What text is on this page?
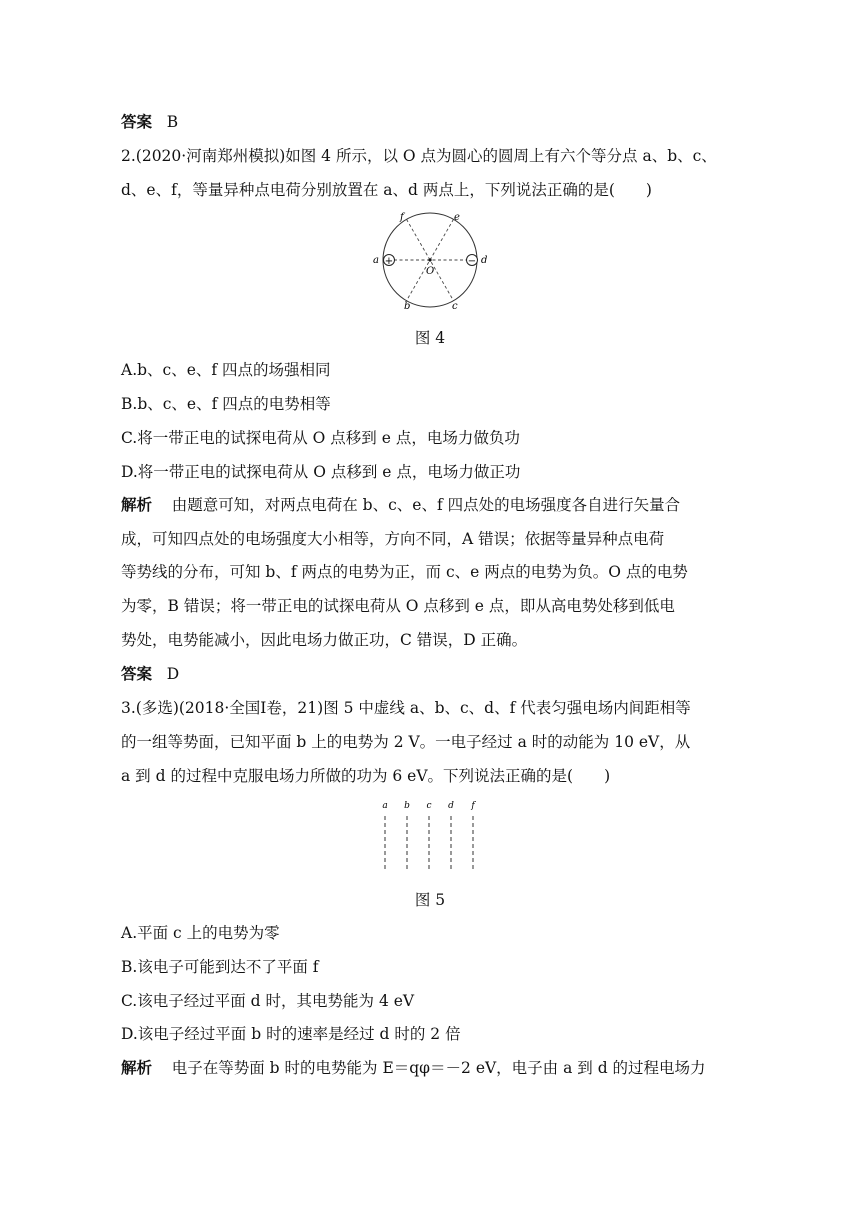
答案 B
2.(2020·河南郑州模拟)如图 4 所示，以 O 点为圆心的圆周上有六个等分点 a、b、c、
d、e、f，等量异种点电荷分别放置在 a、d 两点上，下列说法正确的是(　　)
+	−
a	d
f	e
b	c
O
图 4
A.b、c、e、f 四点的场强相同
B.b、c、e、f 四点的电势相等
C.将一带正电的试探电荷从 O 点移到 e 点，电场力做负功
D.将一带正电的试探电荷从 O 点移到 e 点，电场力做正功
解析 由题意可知，对两点电荷在 b、c、e、f 四点处的电场强度各自进行矢量合
成，可知四点处的电场强度大小相等，方向不同，A 错误；依据等量异种点电荷
等势线的分布，可知 b、f 两点的电势为正，而 c、e 两点的电势为负。O 点的电势
为零，B 错误；将一带正电的试探电荷从 O 点移到 e 点，即从高电势处移到低电
势处，电势能减小，因此电场力做正功，C 错误，D 正确。
答案 D
3.(多选)(2018·全国Ⅰ卷，21)图 5 中虚线 a、b、c、d、f 代表匀强电场内间距相等
的一组等势面，已知平面 b 上的电势为 2 V。一电子经过 a 时的动能为 10 eV，从
a 到 d 的过程中克服电场力所做的功为 6 eV。下列说法正确的是(　　)
a b c d f
图 5
A.平面 c 上的电势为零
B.该电子可能到达不了平面 f
C.该电子经过平面 d 时，其电势能为 4 eV
D.该电子经过平面 b 时的速率是经过 d 时的 2 倍
解析 电子在等势面 b 时的电势能为 E＝qφ＝－2 eV，电子由 a 到 d 的过程电场力
